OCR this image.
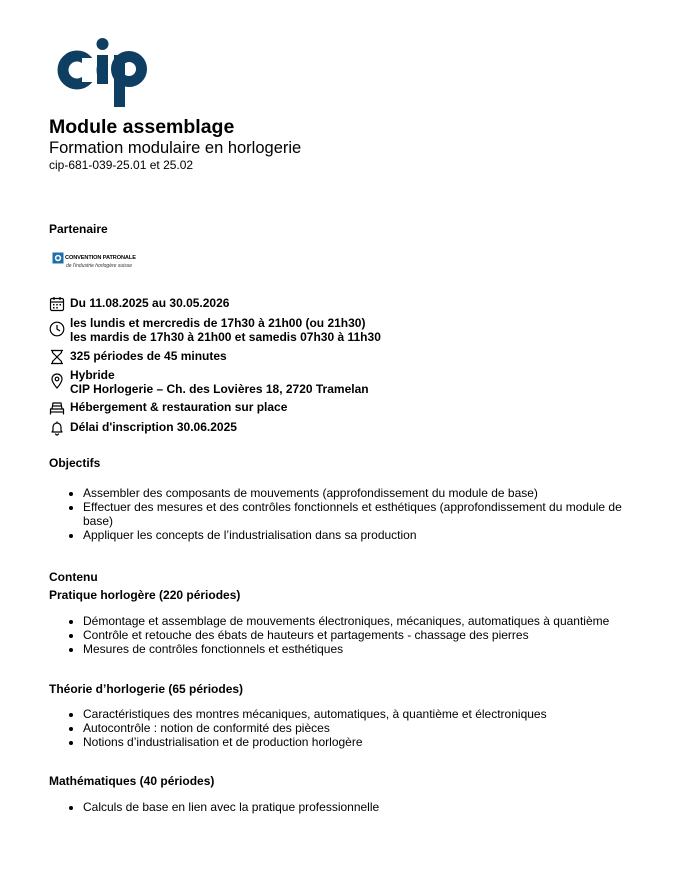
Module assemblage
Formation modulaire en horlogerie
cip-681-039-25.01 et 25.02
Partenaire
CONVENTION PATRONALE
de l'industrie horlogère suisse
Du 11.08.2025 au 30.05.2026
les lundis et mercredis de 17h30 à 21h00 (ou 21h30)
les mardis de 17h30 à 21h00 et samedis 07h30 à 11h30
325 périodes de 45 minutes
Hybride
CIP Horlogerie – Ch. des Lovières 18, 2720 Tramelan
Hébergement & restauration sur place
Délai d'inscription 30.06.2025
Objectifs
• Assembler des composants de mouvements (approfondissement du module de base)
• Effectuer des mesures et des contrôles fonctionnels et esthétiques (approfondissement du module de base)
• Appliquer les concepts de l’industrialisation dans sa production
Contenu
Pratique horlogère (220 périodes)
• Démontage et assemblage de mouvements électroniques, mécaniques, automatiques à quantième
• Contrôle et retouche des ébats de hauteurs et partagements - chassage des pierres
• Mesures de contrôles fonctionnels et esthétiques
Théorie d’horlogerie (65 périodes)
• Caractéristiques des montres mécaniques, automatiques, à quantième et électroniques
• Autocontrôle : notion de conformité des pièces
• Notions d’industrialisation et de production horlogère
Mathématiques (40 périodes)
• Calculs de base en lien avec la pratique professionnelle
